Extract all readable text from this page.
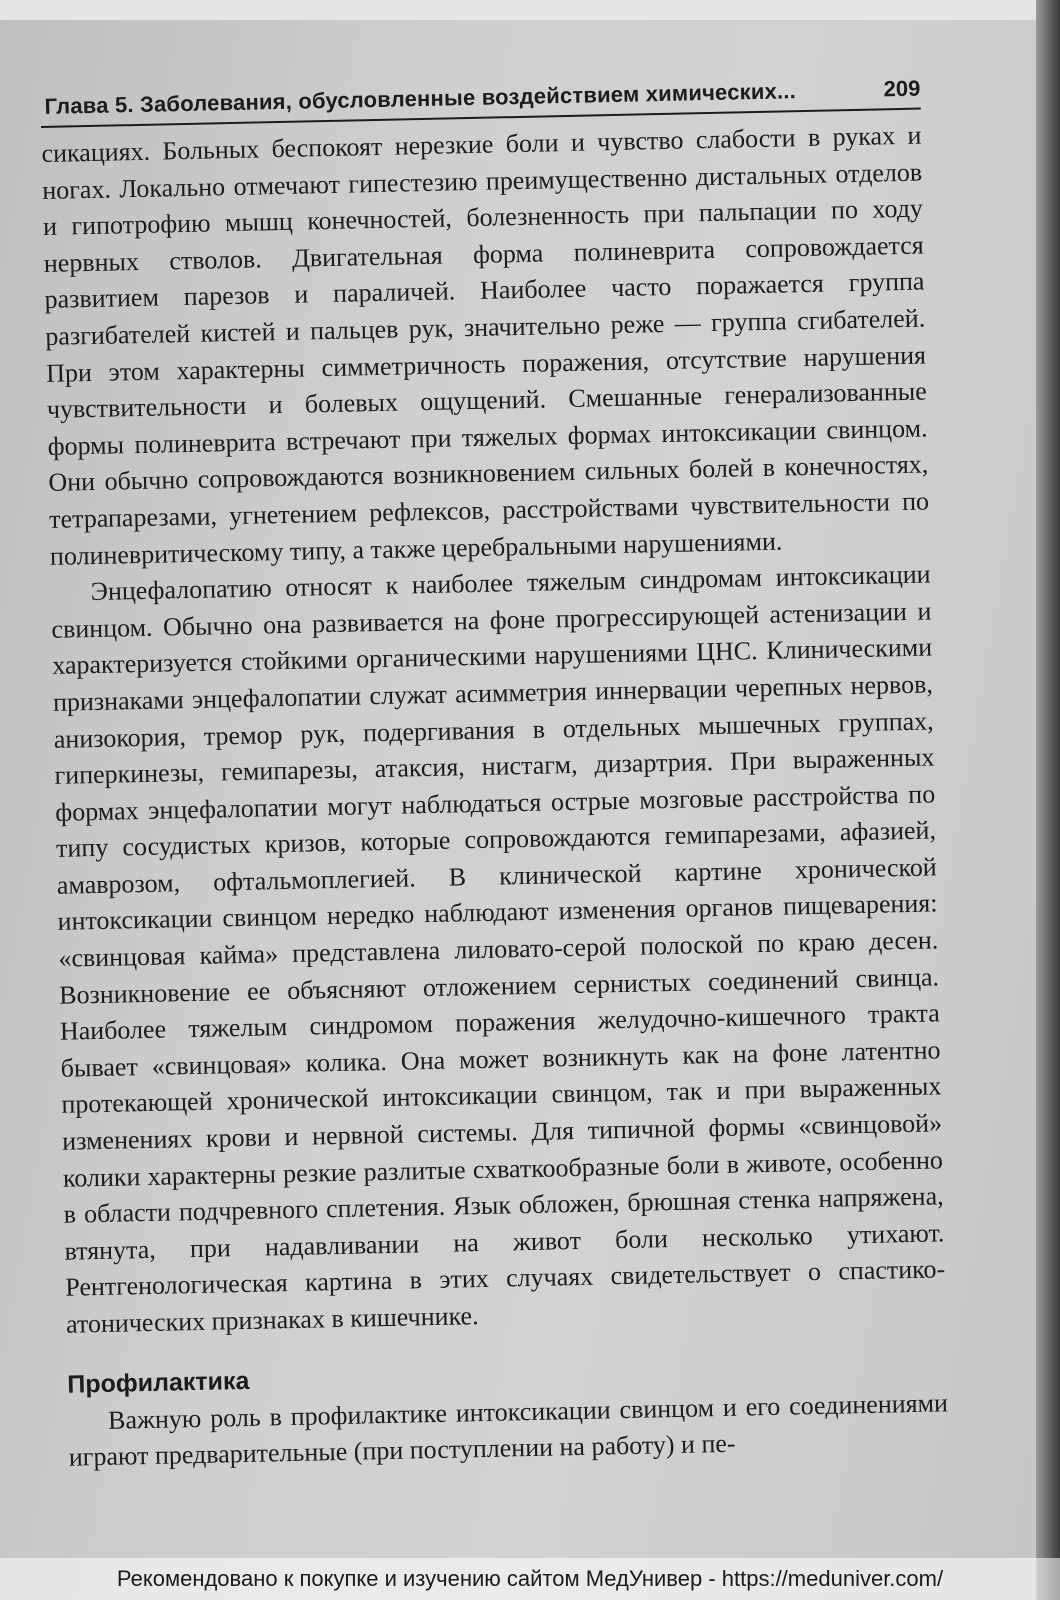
Глава 5. Заболевания, обусловленные воздействием химических...	209

сикациях. Больных беспокоят нерезкие боли и чувство слабости в руках и ногах. Локально отмечают гипестезию преимущественно дистальных отделов и гипотрофию мышц конечностей, болезненность при пальпации по ходу нервных стволов. Двигательная форма полиневрита сопровождается развитием парезов и параличей. Наиболее часто поражается группа разгибателей кистей и пальцев рук, значительно реже — группа сгибателей. При этом характерны симметричность поражения, отсутствие нарушения чувствительности и болевых ощущений. Смешанные генерализованные формы полиневрита встречают при тяжелых формах интоксикации свинцом. Они обычно сопровождаются возникновением сильных болей в конечностях, тетрапарезами, угнетением рефлексов, расстройствами чувствительности по полиневритическому типу, а также церебральными нарушениями.

Энцефалопатию относят к наиболее тяжелым синдромам интоксикации свинцом. Обычно она развивается на фоне прогрессирующей астенизации и характеризуется стойкими органическими нарушениями ЦНС. Клиническими признаками энцефалопатии служат асимметрия иннервации черепных нервов, анизокория, тремор рук, подергивания в отдельных мышечных группах, гиперкинезы, гемипарезы, атаксия, нистагм, дизартрия. При выраженных формах энцефалопатии могут наблюдаться острые мозговые расстройства по типу сосудистых кризов, которые сопровождаются гемипарезами, афазией, амаврозом, офтальмоплегией. В клинической картине хронической интоксикации свинцом нередко наблюдают изменения органов пищеварения: «свинцовая кайма» представлена лиловато-серой полоской по краю десен. Возникновение ее объясняют отложением сернистых соединений свинца. Наиболее тяжелым синдромом поражения желудочно-кишечного тракта бывает «свинцовая» колика. Она может возникнуть как на фоне латентно протекающей хронической интоксикации свинцом, так и при выраженных изменениях крови и нервной системы. Для типичной формы «свинцовой» колики характерны резкие разлитые схваткообразные боли в животе, особенно в области подчревного сплетения. Язык обложен, брюшная стенка напряжена, втянута, при надавливании на живот боли несколько утихают. Рентгенологическая картина в этих случаях свидетельствует о спастико-атонических признаках в кишечнике.

Профилактика

Важную роль в профилактике интоксикации свинцом и его соединениями играют предварительные (при поступлении на работу) и пе-

Рекомендовано к покупке и изучению сайтом МедУнивер - https://meduniver.com/
